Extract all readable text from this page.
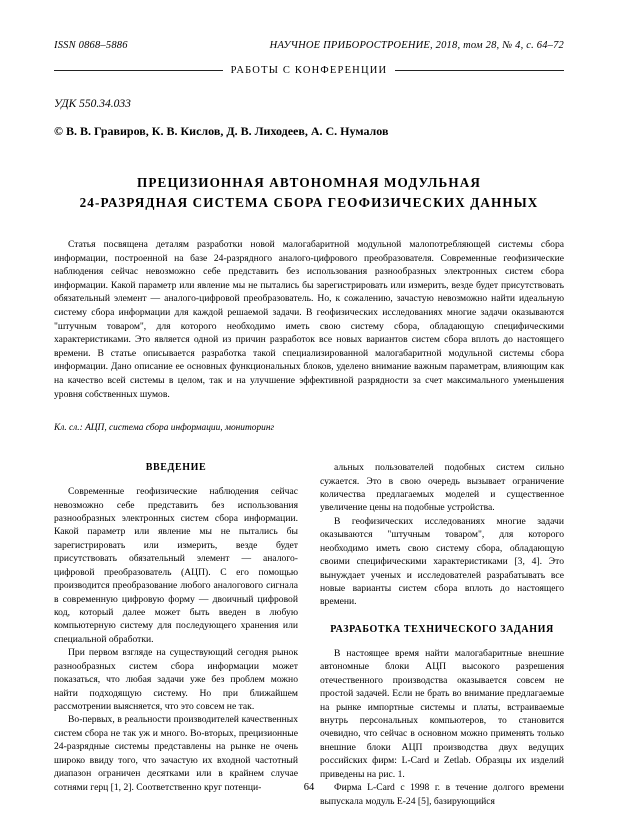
ISSN 0868–5886	НАУЧНОЕ ПРИБОРОСТРОЕНИЕ, 2018, том 28, № 4, с. 64–72
РАБОТЫ С КОНФЕРЕНЦИИ
УДК 550.34.033
© В. В. Гравиров, К. В. Кислов, Д. В. Лиходеев, А. С. Нумалов
ПРЕЦИЗИОННАЯ АВТОНОМНАЯ МОДУЛЬНАЯ
24-РАЗРЯДНАЯ СИСТЕМА СБОРА ГЕОФИЗИЧЕСКИХ ДАННЫХ
Статья посвящена деталям разработки новой малогабаритной модульной малопотребляющей системы сбора информации, построенной на базе 24-разрядного аналого-цифрового преобразователя. Современные геофизические наблюдения сейчас невозможно себе представить без использования разнообразных электронных систем сбора информации. Какой параметр или явление мы не пытались бы зарегистрировать или измерить, везде будет присутствовать обязательный элемент — аналого-цифровой преобразователь. Но, к сожалению, зачастую невозможно найти идеальную систему сбора информации для каждой решаемой задачи. В геофизических исследованиях многие задачи оказываются "штучным товаром", для которого необходимо иметь свою систему сбора, обладающую специфическими характеристиками. Это является одной из причин разработок все новых вариантов систем сбора вплоть до настоящего времени. В статье описывается разработка такой специализированной малогабаритной модульной системы сбора информации. Дано описание ее основных функциональных блоков, уделено внимание важным параметрам, влияющим как на качество всей системы в целом, так и на улучшение эффективной разрядности за счет максимального уменьшения уровня собственных шумов.
Кл. сл.: АЦП, система сбора информации, мониторинг
ВВЕДЕНИЕ

Современные геофизические наблюдения сейчас невозможно себе представить без использования разнообразных электронных систем сбора информации. Какой параметр или явление мы не пытались бы зарегистрировать или измерить, везде будет присутствовать обязательный элемент — аналого-цифровой преобразователь (АЦП). С его помощью производится преобразование любого аналогового сигнала в современную цифровую форму — двоичный цифровой код, который далее может быть введен в любую компьютерную систему для последующего хранения или специальной обработки.

При первом взгляде на существующий сегодня рынок разнообразных систем сбора информации может показаться, что любая задачи уже без проблем можно найти подходящую систему. Но при ближайшем рассмотрении выясняется, что это совсем не так.

Во-первых, в реальности производителей качественных систем сбора не так уж и много. Во-вторых, прецизионные 24-разрядные системы представлены на рынке не очень широко ввиду того, что зачастую их входной частотный диапазон ограничен десятками или в крайнем случае сотнями герц [1, 2]. Соответственно круг потенци-

альных пользователей подобных систем сильно сужается. Это в свою очередь вызывает ограничение количества предлагаемых моделей и существенное увеличение цены на подобные устройства.

В геофизических исследованиях многие задачи оказываются "штучным товаром", для которого необходимо иметь свою систему сбора, обладающую своими специфическими характеристиками [3, 4]. Это вынуждает ученых и исследователей разрабатывать все новые варианты систем сбора вплоть до настоящего времени.

РАЗРАБОТКА ТЕХНИЧЕСКОГО ЗАДАНИЯ

В настоящее время найти малогабаритные внешние автономные блоки АЦП высокого разрешения отечественного производства оказывается совсем не простой задачей. Если не брать во внимание предлагаемые на рынке импортные системы и платы, встраиваемые внутрь персональных компьютеров, то становится очевидно, что сейчас в основном можно применять только внешние блоки АЦП производства двух ведущих российских фирм: L-Card и Zetlab. Образцы их изделий приведены на рис. 1.

Фирма L-Card с 1998 г. в течение долгого времени выпускала модуль E-24 [5], базирующийся

64
